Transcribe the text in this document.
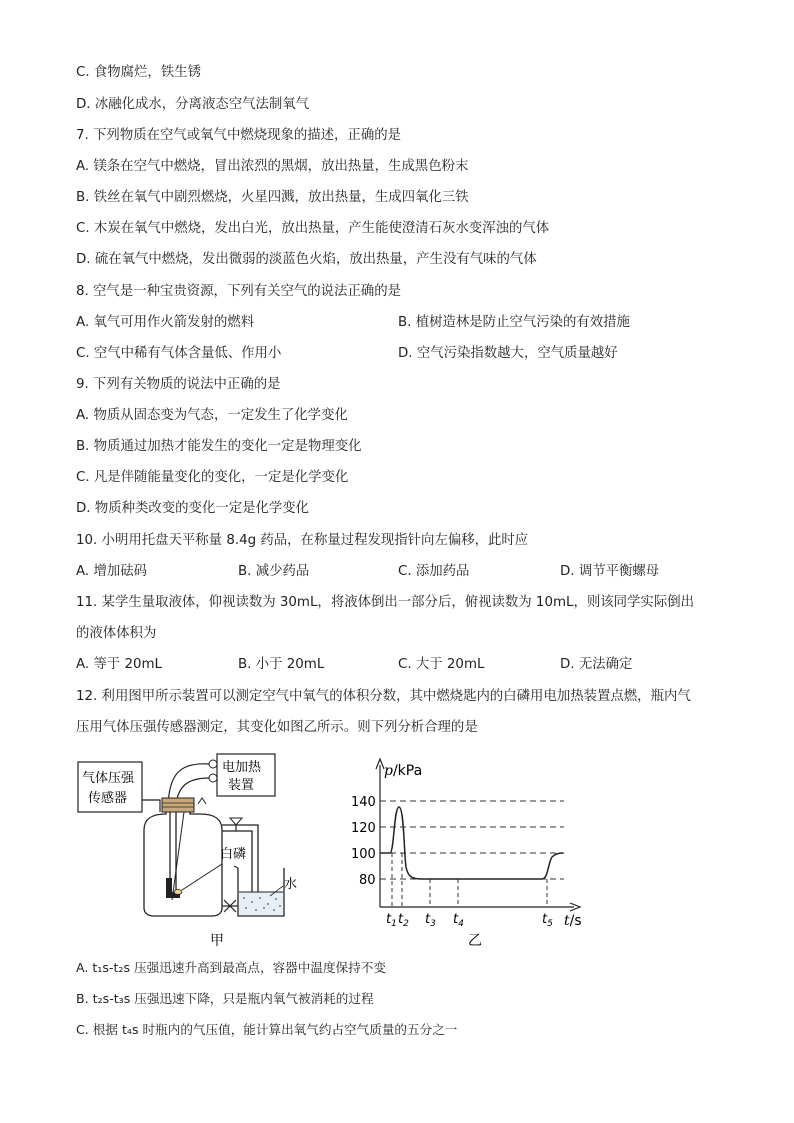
C. 食物腐烂，铁生锈
D. 冰融化成水，分离液态空气法制氧气
7. 下列物质在空气或氧气中燃烧现象的描述，正确的是
A. 镁条在空气中燃烧，冒出浓烈的黑烟，放出热量，生成黑色粉末
B. 铁丝在氧气中剧烈燃烧，火星四溅，放出热量，生成四氧化三铁
C. 木炭在氧气中燃烧，发出白光，放出热量，产生能使澄清石灰水变浑浊的气体
D. 硫在氧气中燃烧，发出微弱的淡蓝色火焰，放出热量，产生没有气味的气体
8. 空气是一种宝贵资源，下列有关空气的说法正确的是
A. 氧气可用作火箭发射的燃料	B. 植树造林是防止空气污染的有效措施
C. 空气中稀有气体含量低、作用小	D. 空气污染指数越大，空气质量越好
9. 下列有关物质的说法中正确的是
A. 物质从固态变为气态，一定发生了化学变化
B. 物质通过加热才能发生的变化一定是物理变化
C. 凡是伴随能量变化的变化，一定是化学变化
D. 物质种类改变的变化一定是化学变化
10. 小明用托盘天平称量 8.4g 药品，在称量过程发现指针向左偏移，此时应
A. 增加砝码	B. 减少药品	C. 添加药品	D. 调节平衡螺母
11. 某学生量取液体，仰视读数为 30mL，将液体倒出一部分后，俯视读数为 10mL，则该同学实际倒出
的液体体积为
A. 等于 20mL	B. 小于 20mL	C. 大于 20mL	D. 无法确定
12. 利用图甲所示装置可以测定空气中氧气的体积分数，其中燃烧匙内的白磷用电加热装置点燃，瓶内气
压用气体压强传感器测定，其变化如图乙所示。则下列分析合理的是
气体压强
传感器
电加热
装置
白磷
水
甲
p/kPa
t/s
140
120
100
80
$t_1$ $t_2$ $t_3$ $t_4$	$t_5$
乙
A. t₁s-t₂s 压强迅速升高到最高点，容器中温度保持不变
B. t₂s-t₃s 压强迅速下降，只是瓶内氧气被消耗的过程
C. 根据 t₄s 时瓶内的气压值，能计算出氧气约占空气质量的五分之一
